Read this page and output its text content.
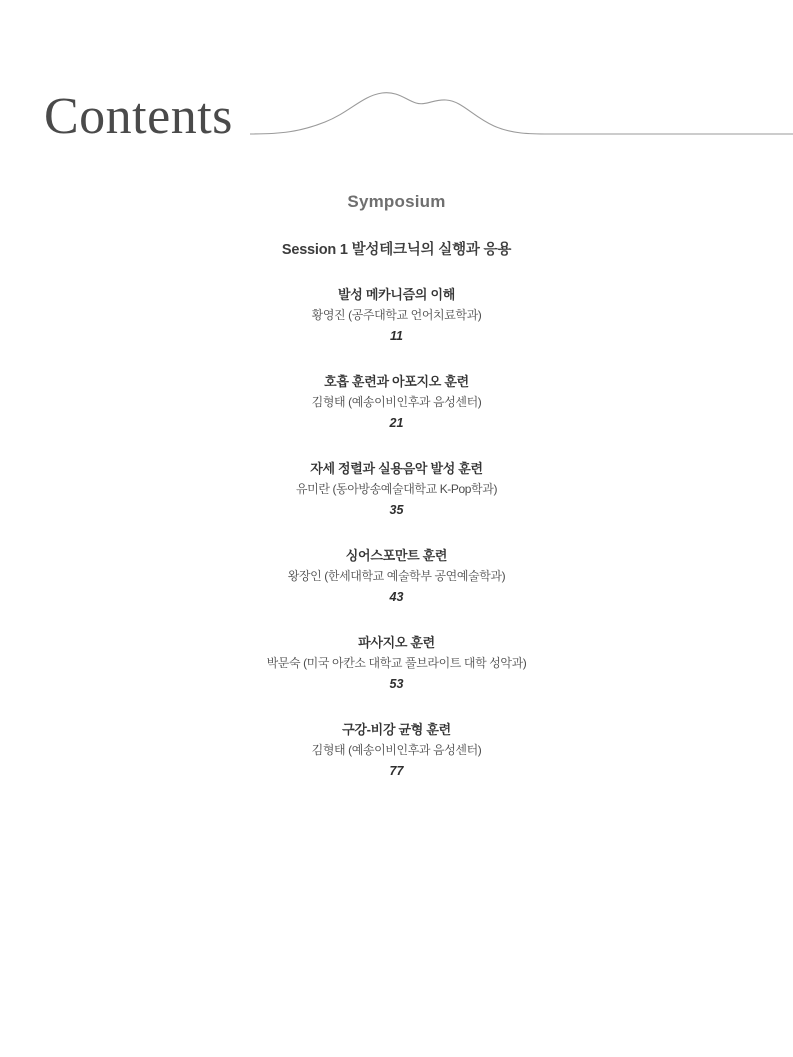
Contents
Symposium
Session 1 발성테크닉의 실행과 응용
발성 메카니즘의 이해
황영진 (공주대학교 언어치료학과)
11
호흡 훈련과 아포지오 훈련
김형태 (예송이비인후과 음성센터)
21
자세 정렬과 실용음악 발성 훈련
유미란 (동아방송예술대학교 K-Pop학과)
35
싱어스포만트 훈련
왕장인 (한세대학교 예술학부 공연예술학과)
43
파사지오 훈련
박문숙 (미국 아칸소 대학교 풀브라이트 대학 성악과)
53
구강-비강 균형 훈련
김형태 (예송이비인후과 음성센터)
77
